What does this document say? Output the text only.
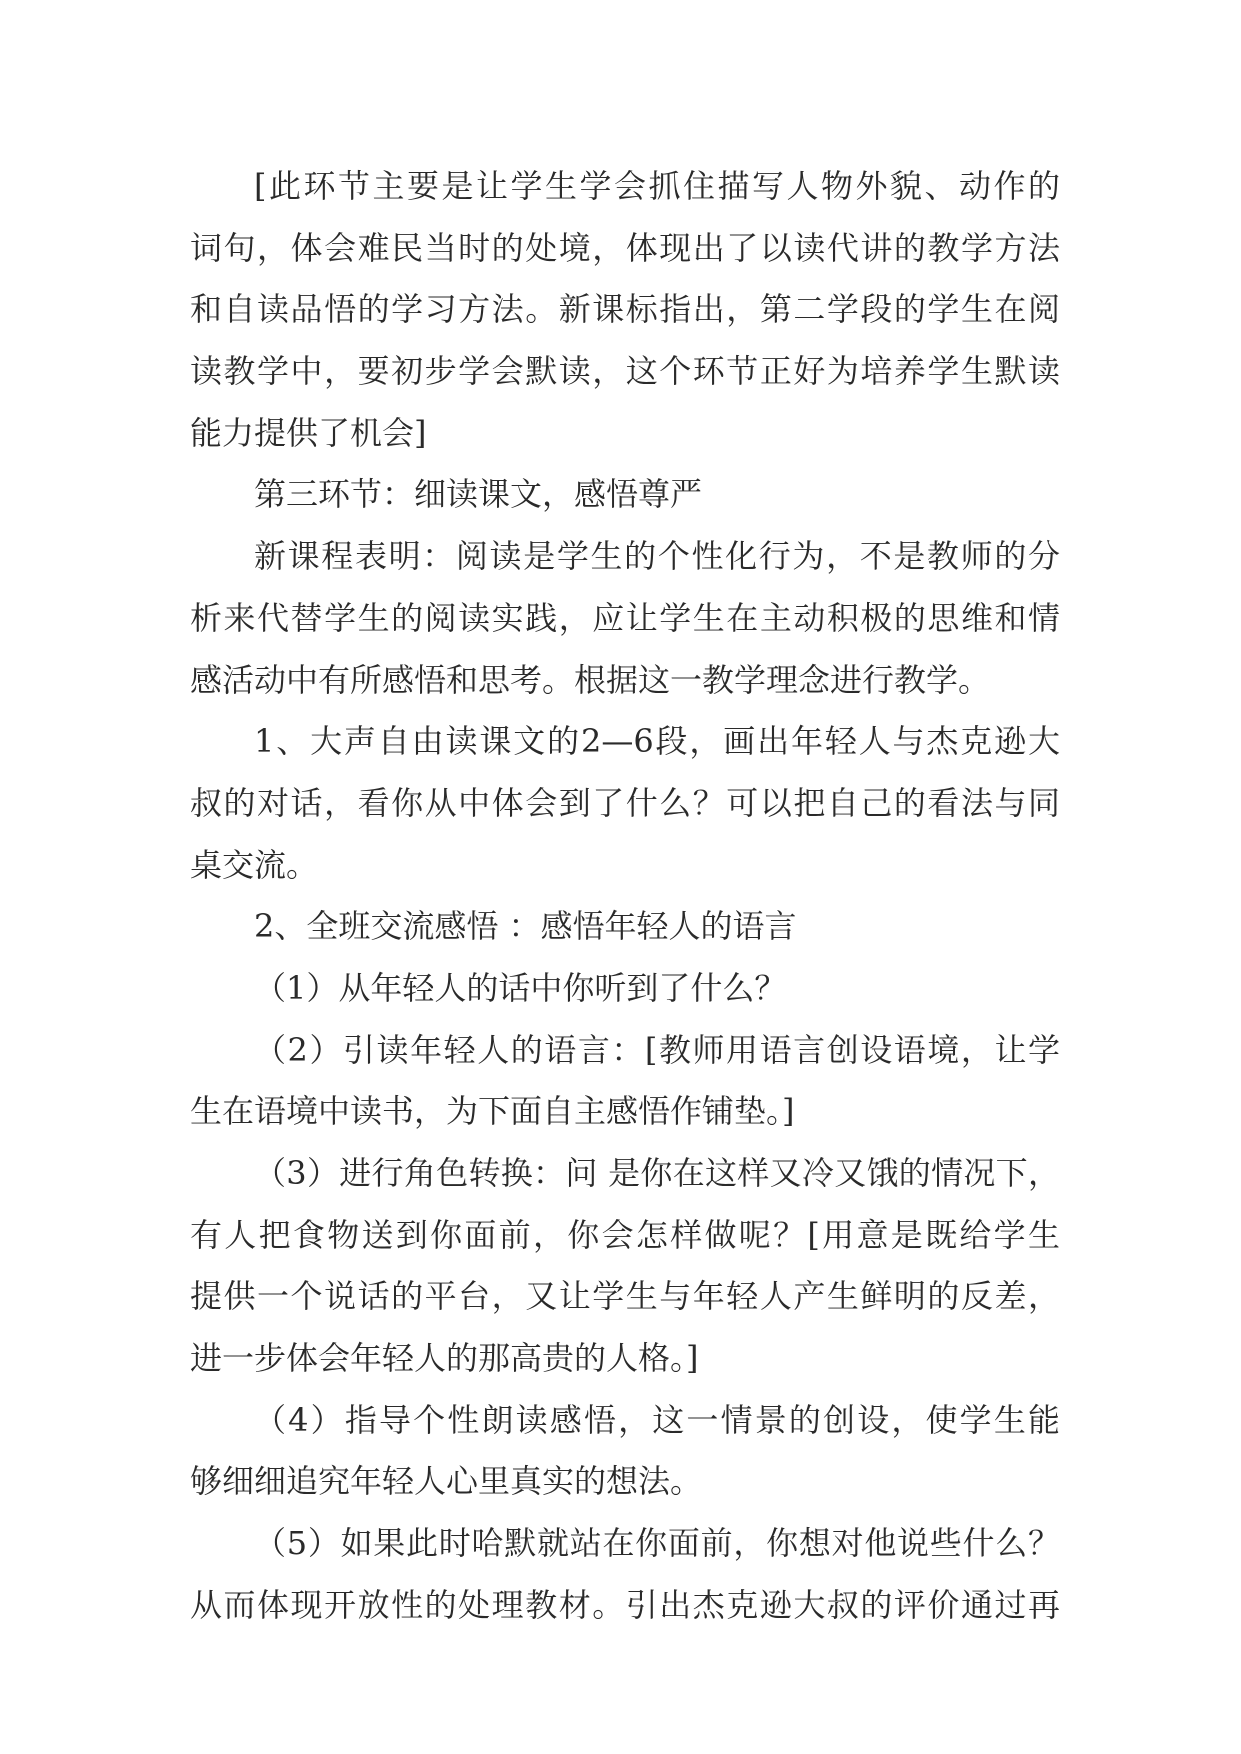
[此环节主要是让学生学会抓住描写人物外貌、动作的
词句，体会难民当时的处境，体现出了以读代讲的教学方法
和自读品悟的学习方法。新课标指出，第二学段的学生在阅
读教学中，要初步学会默读，这个环节正好为培养学生默读
能力提供了机会]
第三环节：细读课文，感悟尊严
新课程表明：阅读是学生的个性化行为，不是教师的分
析来代替学生的阅读实践，应让学生在主动积极的思维和情
感活动中有所感悟和思考。根据这一教学理念进行教学。
1、大声自由读课文的2—6段，画出年轻人与杰克逊大
叔的对话，看你从中体会到了什么？可以把自己的看法与同
桌交流。
2、全班交流感悟 ：感悟年轻人的语言
（1）从年轻人的话中你听到了什么？
（2）引读年轻人的语言：[教师用语言创设语境，让学
生在语境中读书，为下面自主感悟作铺垫。]
（3）进行角色转换：问 是你在这样又冷又饿的情况下，
有人把食物送到你面前，你会怎样做呢？[用意是既给学生
提供一个说话的平台，又让学生与年轻人产生鲜明的反差，
进一步体会年轻人的那高贵的人格。]
（4）指导个性朗读感悟，这一情景的创设，使学生能
够细细追究年轻人心里真实的想法。
（5）如果此时哈默就站在你面前，你想对他说些什么？
从而体现开放性的处理教材。引出杰克逊大叔的评价通过再
